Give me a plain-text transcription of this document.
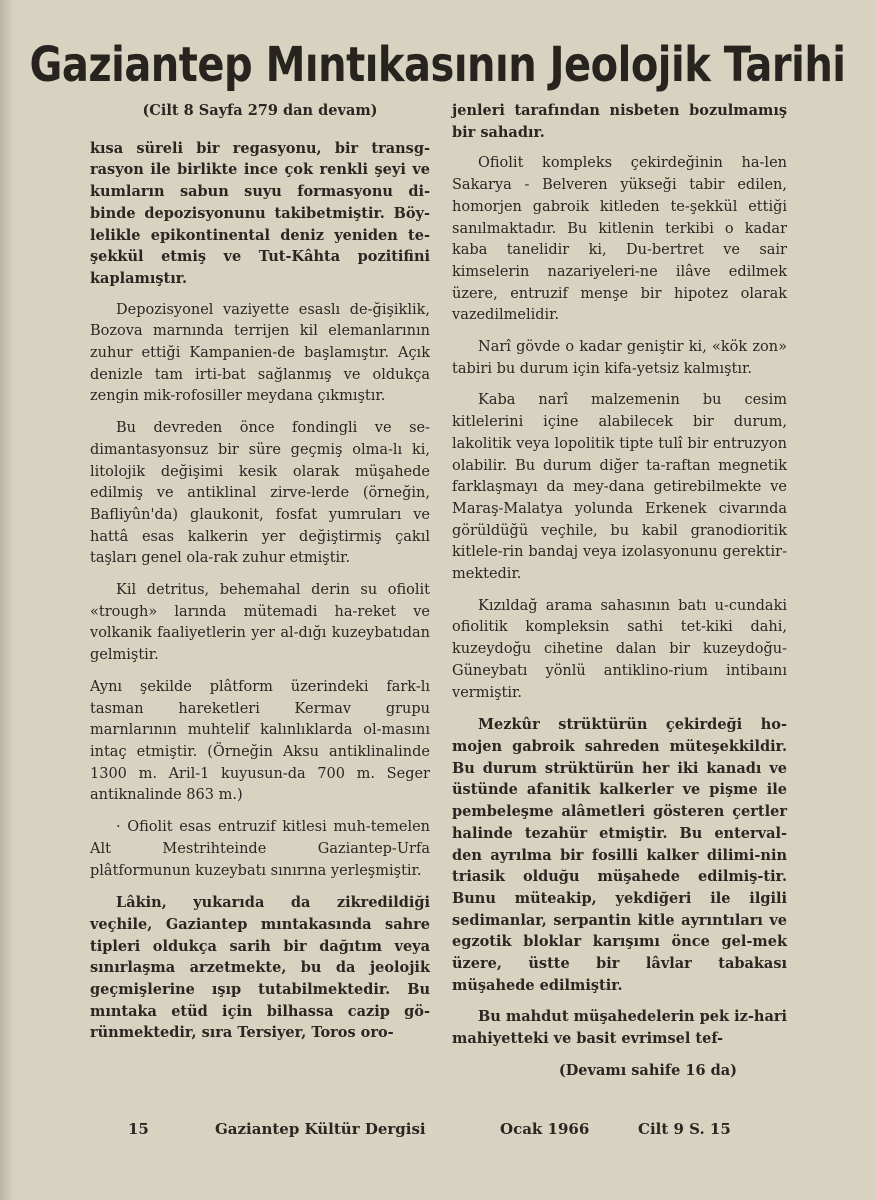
Gaziantep Mıntıkasının Jeolojik Tarihi
(Cilt 8 Sayfa 279 dan devam)

kısa süreli bir regasyonu, bir transg-rasyon ile birlikte ince çok renkli şeyi ve kumların sabun suyu formasyonu di-binde depozisyonunu takibetmiştir. Böy-lelikle epikontinental deniz yeniden te-şekkül etmiş ve Tut-Kâhta pozitifini kaplamıştır.

Depozisyonel vaziyette esaslı de-ğişiklik, Bozova marnında terrijen kil elemanlarının zuhur ettiği Kampanien-de başlamıştır. Açık denizle tam irti-bat sağlanmış ve oldukça zengin mik-rofosiller meydana çıkmıştır.

Bu devreden önce fondingli ve se-dimantasyonsuz bir süre geçmiş olma-lı ki, litolojik değişimi kesik olarak müşahede edilmiş ve antiklinal zirve-lerde (örneğin, Bafliyûn'da) glaukonit, fosfat yumruları ve hattâ esas kalkerin yer değiştirmiş çakıl taşları genel ola-rak zuhur etmiştir.

Kil detritus, behemahal derin su ofiolit «trough» larında mütemadi ha-reket ve volkanik faaliyetlerin yer al-dığı kuzeybatıdan gelmiştir.

Aynı şekilde plâtform üzerindeki fark-lı tasman hareketleri Kermav grupu marnlarının muhtelif kalınlıklarda ol-masını intaç etmiştir. (Örneğin Aksu antiklinalinde 1300 m. Aril-1 kuyusun-da 700 m. Seger antiknalinde 863 m.)

· Ofiolit esas entruzif kitlesi muh-temelen Alt Mestrihteinde Gaziantep-Urfa plâtformunun kuzeybatı sınırına yerleşmiştir.

Lâkin, yukarıda da zikredildiği veçhile, Gaziantep mıntakasında sahre tipleri oldukça sarih bir dağıtım veya sınırlaşma arzetmekte, bu da jeolojik geçmişlerine ışıp tutabilmektedir. Bu mıntaka etüd için bilhassa cazip gö-rünmektedir, sıra Tersiyer, Toros oro-

jenleri tarafından nisbeten bozulmamış bir sahadır.

Ofiolit kompleks çekirdeğinin ha-len Sakarya - Belveren yükseği tabir edilen, homorjen gabroik kitleden te-şekkül ettiği sanılmaktadır. Bu kitlenin terkibi o kadar kaba tanelidir ki, Du-bertret ve sair kimselerin nazariyeleri-ne ilâve edilmek üzere, entruzif menşe bir hipotez olarak vazedilmelidir.

Narî gövde o kadar geniştir ki, «kök zon» tabiri bu durum için kifa-yetsiz kalmıştır.

Kaba narî malzemenin bu cesim kitlelerini içine alabilecek bir durum, lakolitik veya lopolitik tipte tulî bir entruzyon olabilir. Bu durum diğer ta-raftan megnetik farklaşmayı da mey-dana getirebilmekte ve Maraş-Malatya yolunda Erkenek civarında görüldüğü veçhile, bu kabil granodioritik kitlele-rin bandaj veya izolasyonunu gerektir-mektedir.

Kızıldağ arama sahasının batı u-cundaki ofiolitik kompleksin sathi tet-kiki dahi, kuzeydoğu cihetine dalan bir kuzeydoğu-Güneybatı yönlü antiklino-rium intibaını vermiştir.

Mezkûr strüktürün çekirdeği ho-mojen gabroik sahreden müteşekkildir. Bu durum strüktürün her iki kanadı ve üstünde afanitik kalkerler ve pişme ile pembeleşme alâmetleri gösteren çertler halinde tezahür etmiştir. Bu enterval-den ayrılma bir fosilli kalker dilimi-nin triasik olduğu müşahede edilmiş-tir. Bunu müteakip, yekdiğeri ile ilgili sedimanlar, serpantin kitle ayrıntıları ve egzotik bloklar karışımı önce gel-mek üzere, üstte bir lâvlar tabakası müşahede edilmiştir.

Bu mahdut müşahedelerin pek iz-hari mahiyetteki ve basit evrimsel tef-

(Devamı sahife 16 da)
15	Gaziantep Kültür Dergisi	Ocak 1966	Cilt 9 S. 15
